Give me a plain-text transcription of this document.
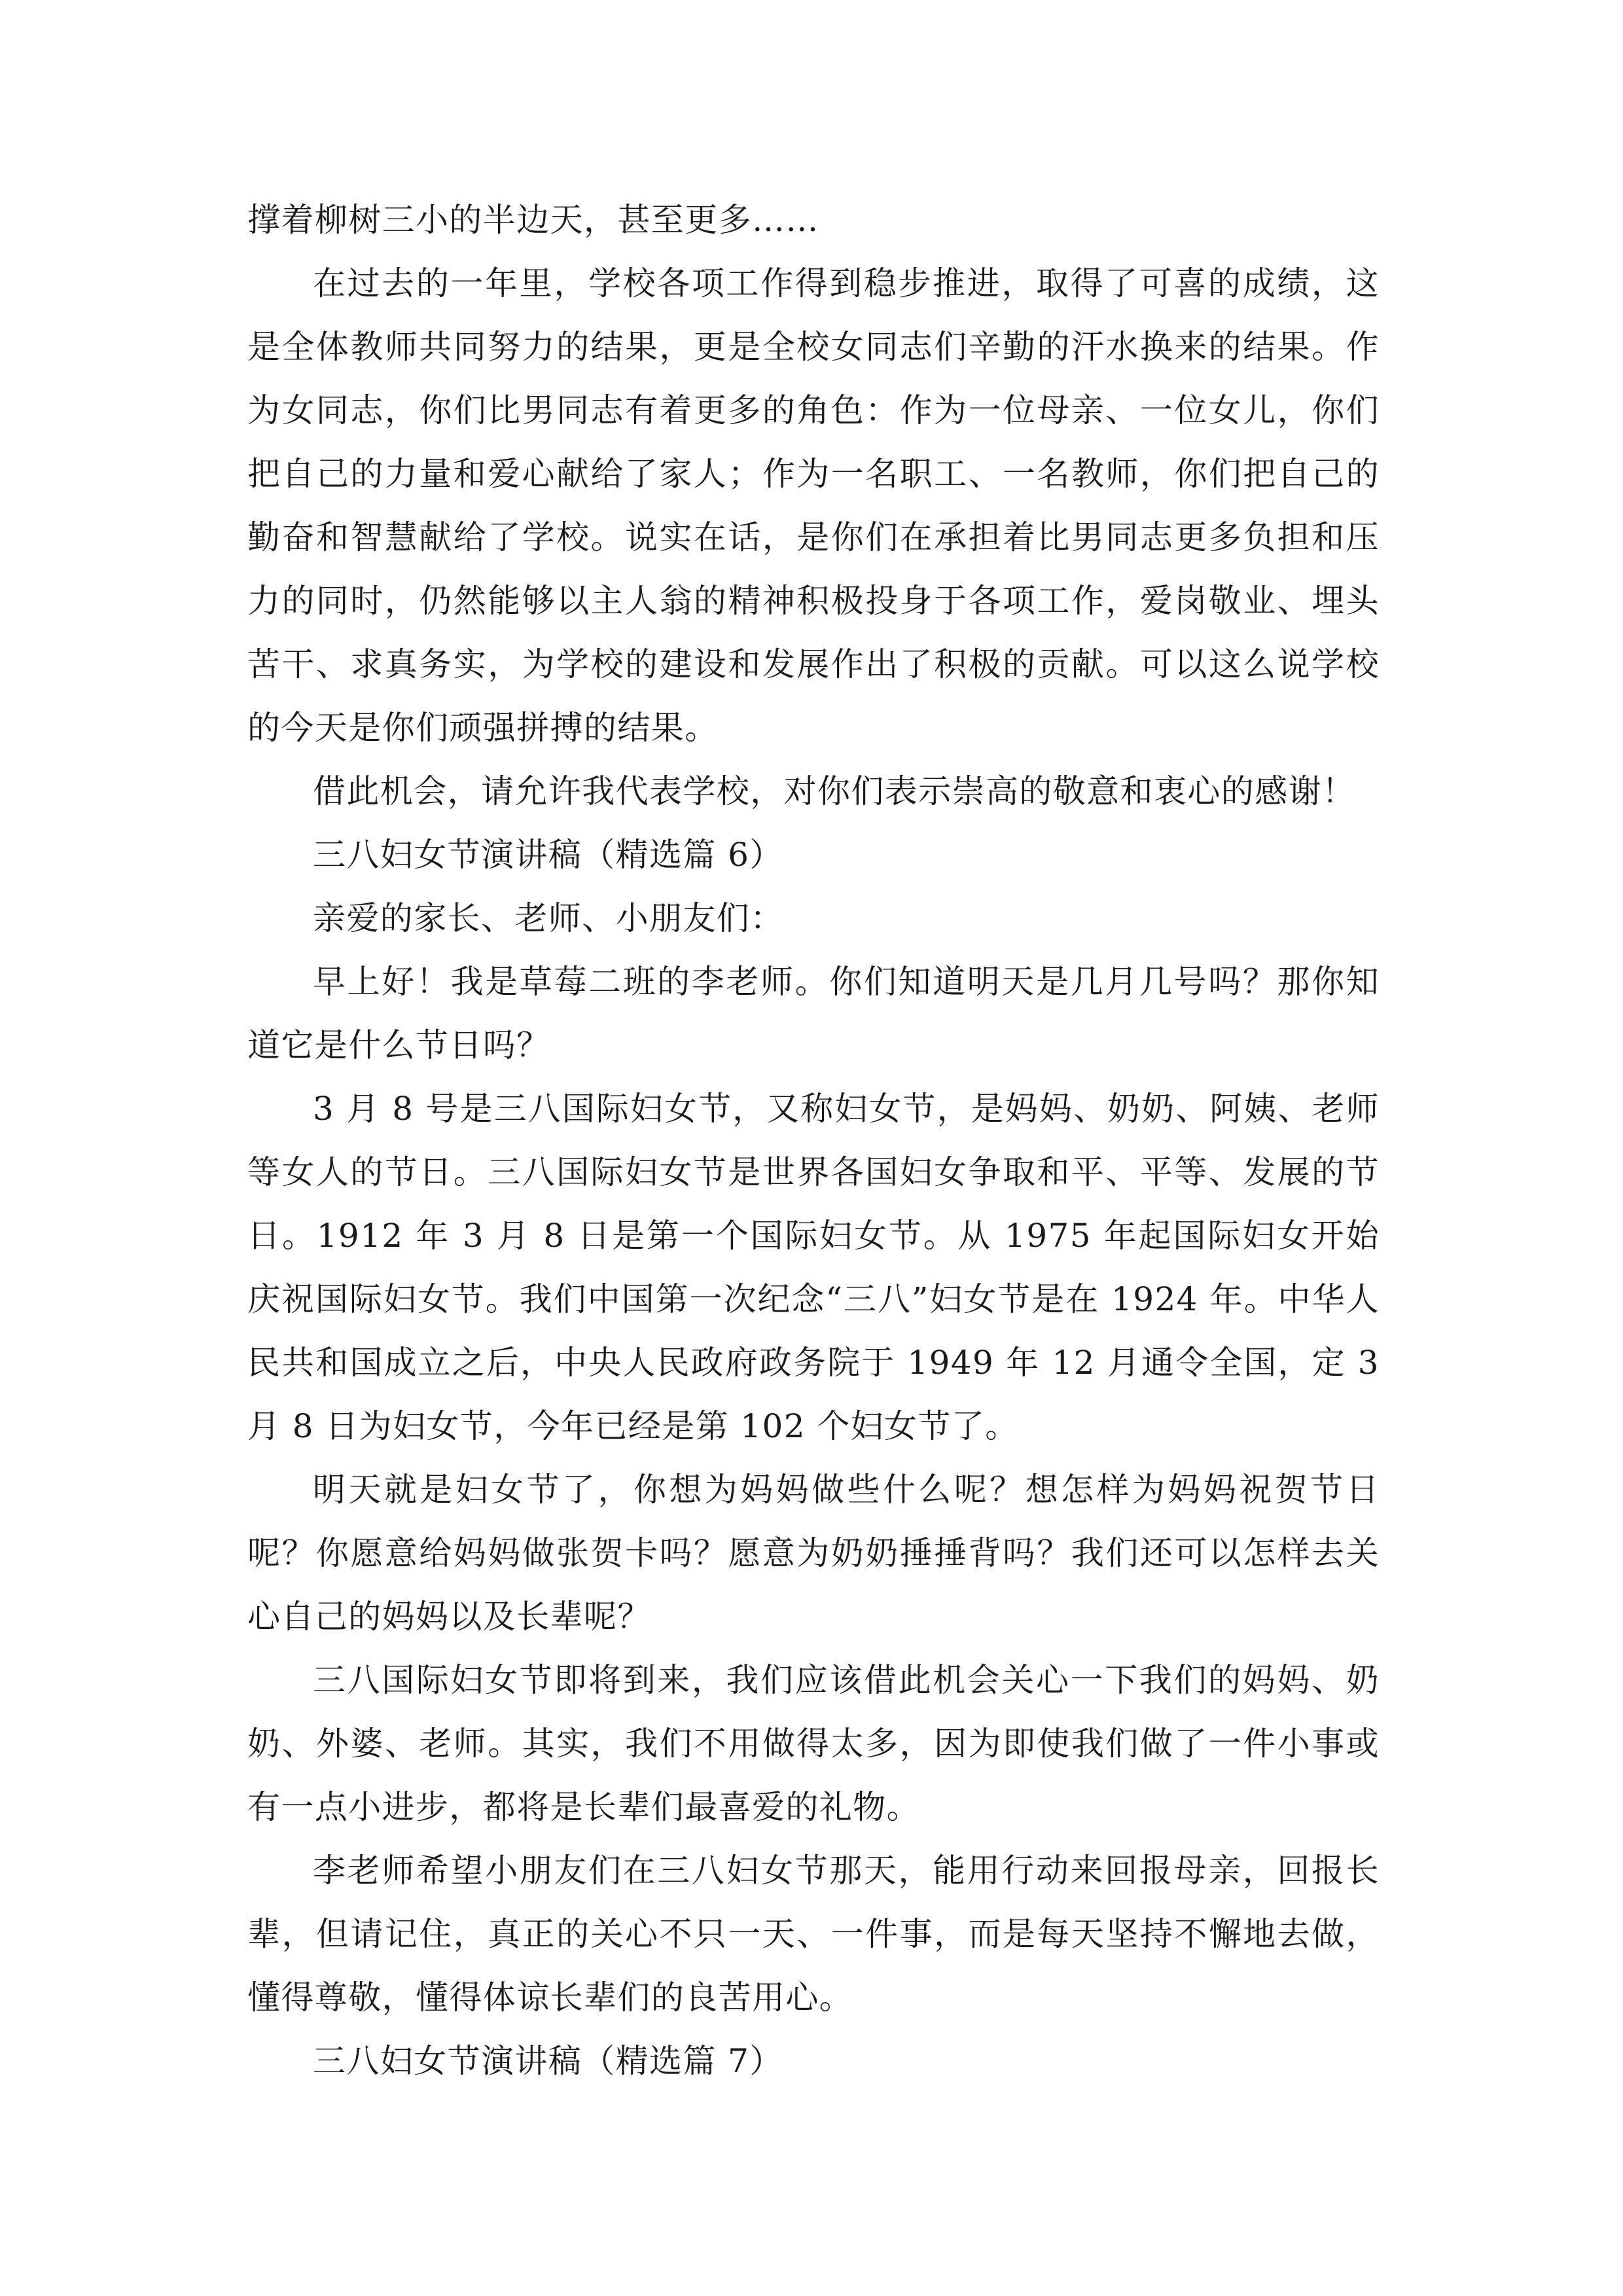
撑着柳树三小的半边天，甚至更多……

在过去的一年里，学校各项工作得到稳步推进，取得了可喜的成绩，这是全体教师共同努力的结果，更是全校女同志们辛勤的汗水换来的结果。作为女同志，你们比男同志有着更多的角色：作为一位母亲、一位女儿，你们把自己的力量和爱心献给了家人；作为一名职工、一名教师，你们把自己的勤奋和智慧献给了学校。说实在话，是你们在承担着比男同志更多负担和压力的同时，仍然能够以主人翁的精神积极投身于各项工作，爱岗敬业、埋头苦干、求真务实，为学校的建设和发展作出了积极的贡献。可以这么说学校的今天是你们顽强拼搏的结果。

借此机会，请允许我代表学校，对你们表示崇高的敬意和衷心的感谢！

三八妇女节演讲稿（精选篇 6）

亲爱的家长、老师、小朋友们：

早上好！我是草莓二班的李老师。你们知道明天是几月几号吗？那你知道它是什么节日吗？

3 月 8 号是三八国际妇女节，又称妇女节，是妈妈、奶奶、阿姨、老师等女人的节日。三八国际妇女节是世界各国妇女争取和平、平等、发展的节日。1912 年 3 月 8 日是第一个国际妇女节。从 1975 年起国际妇女开始庆祝国际妇女节。我们中国第一次纪念“三八”妇女节是在 1924 年。中华人民共和国成立之后，中央人民政府政务院于 1949 年 12 月通令全国，定 3 月 8 日为妇女节，今年已经是第 102 个妇女节了。

明天就是妇女节了，你想为妈妈做些什么呢？想怎样为妈妈祝贺节日呢？你愿意给妈妈做张贺卡吗？愿意为奶奶捶捶背吗？我们还可以怎样去关心自己的妈妈以及长辈呢？

三八国际妇女节即将到来，我们应该借此机会关心一下我们的妈妈、奶奶、外婆、老师。其实，我们不用做得太多，因为即使我们做了一件小事或有一点小进步，都将是长辈们最喜爱的礼物。

李老师希望小朋友们在三八妇女节那天，能用行动来回报母亲，回报长辈，但请记住，真正的关心不只一天、一件事，而是每天坚持不懈地去做，懂得尊敬，懂得体谅长辈们的良苦用心。

三八妇女节演讲稿（精选篇 7）
